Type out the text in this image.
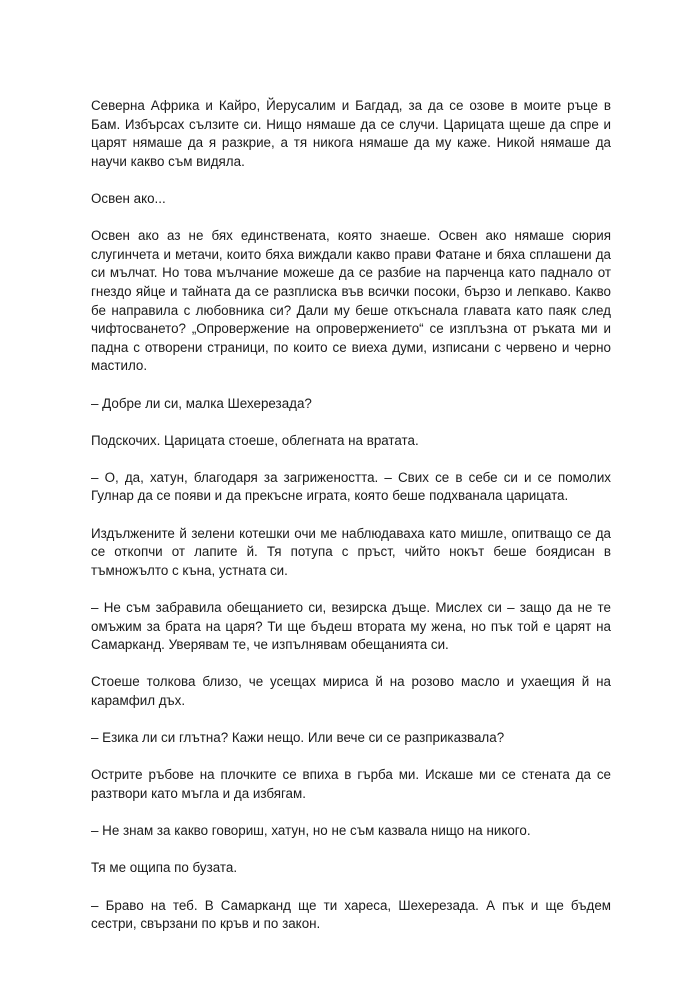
Северна Африка и Кайро, Йерусалим и Багдад, за да се озове в моите ръце в Бам. Избърсах сълзите си. Нищо нямаше да се случи. Царицата щеше да спре и царят нямаше да я разкрие, а тя никога нямаше да му каже. Никой нямаше да научи какво съм видяла.

Освен ако...

Освен ако аз не бях единствената, която знаеше. Освен ако нямаше сюрия слугинчета и метачи, които бяха виждали какво прави Фатане и бяха сплашени да си мълчат. Но това мълчание можеше да се разбие на парченца като паднало от гнездо яйце и тайната да се разплиска във всички посоки, бързо и лепкаво. Какво бе направила с любовника си? Дали му беше откъснала главата като паяк след чифтосването? „Опровержение на опровержението“ се изплъзна от ръката ми и падна с отворени страници, по които се виеха думи, изписани с червено и черно мастило.

– Добре ли си, малка Шехерезада?

Подскочих. Царицата стоеше, облегната на вратата.

– О, да, хатун, благодаря за загрижеността. – Свих се в себе си и се помолих Гулнар да се появи и да прекъсне играта, която беше подхванала царицата.

Издължените й зелени котешки очи ме наблюдаваха като мишле, опитващо се да се откопчи от лапите й. Тя потупа с пръст, чийто нокът беше боядисан в тъмножълто с къна, устната си.

– Не съм забравила обещанието си, везирска дъще. Мислех си – защо да не те омъжим за брата на царя? Ти ще бъдеш втората му жена, но пък той е царят на Самарканд. Уверявам те, че изпълнявам обещанията си.

Стоеше толкова близо, че усещах мириса й на розово масло и ухаещия й на карамфил дъх.

– Езика ли си глътна? Кажи нещо. Или вече си се разприказвала?

Острите ръбове на плочките се впиха в гърба ми. Искаше ми се стената да се разтвори като мъгла и да избягам.

– Не знам за какво говориш, хатун, но не съм казвала нищо на никого.

Тя ме ощипа по бузата.

– Браво на теб. В Самарканд ще ти хареса, Шехерезада. А пък и ще бъдем сестри, свързани по кръв и по закон.
